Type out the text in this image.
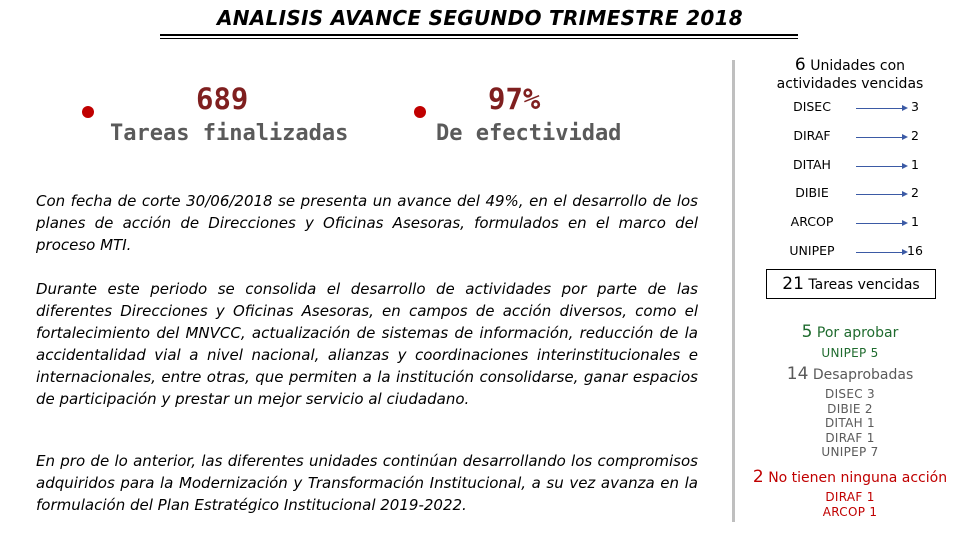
ANALISIS AVANCE SEGUNDO TRIMESTRE 2018
689
Tareas finalizadas
97%
De efectividad
Con fecha de corte 30/06/2018 se presenta un avance del 49%, en el desarrollo de los planes de acción de Direcciones y Oficinas Asesoras, formulados en el marco del proceso MTI.
Durante este periodo se consolida el desarrollo de actividades por parte de las diferentes Direcciones y Oficinas Asesoras, en campos de acción diversos, como el fortalecimiento del MNVCC, actualización de sistemas de información, reducción de la accidentalidad vial a nivel nacional, alianzas y coordinaciones interinstitucionales e internacionales, entre otras, que permiten a la institución consolidarse, ganar espacios de participación y prestar un mejor servicio al ciudadano.
En pro de lo anterior, las diferentes unidades continúan desarrollando los compromisos adquiridos para la Modernización y Transformación Institucional, a su vez avanza en la formulación del Plan Estratégico Institucional 2019-2022.
6 Unidades con
actividades vencidas
DISEC	3
DIRAF	2
DITAH	1
DIBIE	2
ARCOP	1
UNIPEP	16
21 Tareas vencidas
5 Por aprobar
UNIPEP 5
14 Desaprobadas
DISEC 3
DIBIE 2
DITAH 1
DIRAF 1
UNIPEP 7
2 No tienen ninguna acción
DIRAF 1
ARCOP 1
